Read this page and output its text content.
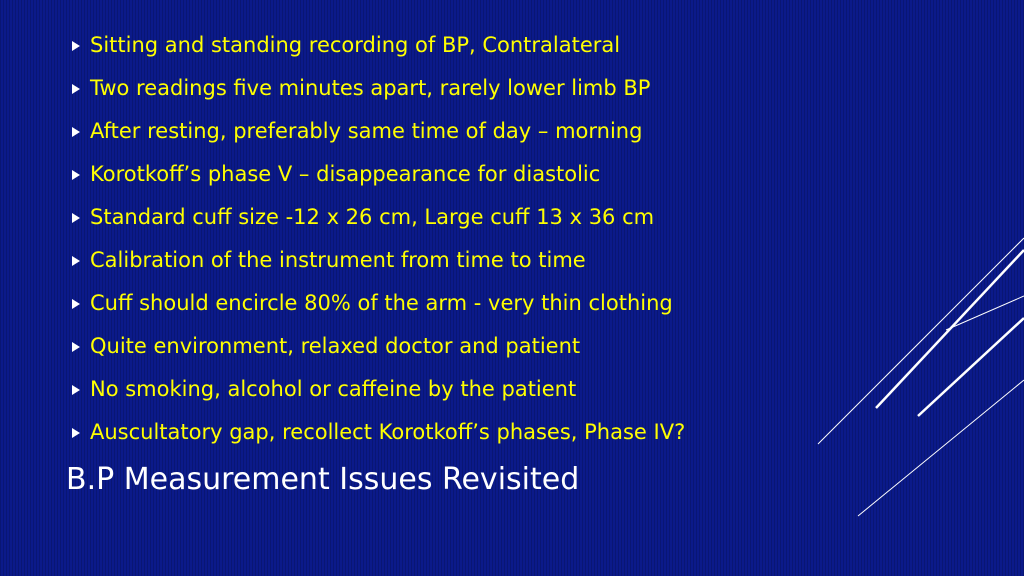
Sitting and standing recording of BP, Contralateral
Two readings five minutes apart, rarely lower limb BP
After resting, preferably same time of day – morning
Korotkoff’s phase V – disappearance for diastolic
Standard cuff size -12 x 26 cm, Large cuff 13 x 36 cm
Calibration of the instrument from time to time
Cuff should encircle 80% of the arm - very thin clothing
Quite environment, relaxed doctor and patient
No smoking, alcohol or caffeine by the patient
Auscultatory gap, recollect Korotkoff’s phases, Phase IV?
B.P Measurement Issues Revisited
